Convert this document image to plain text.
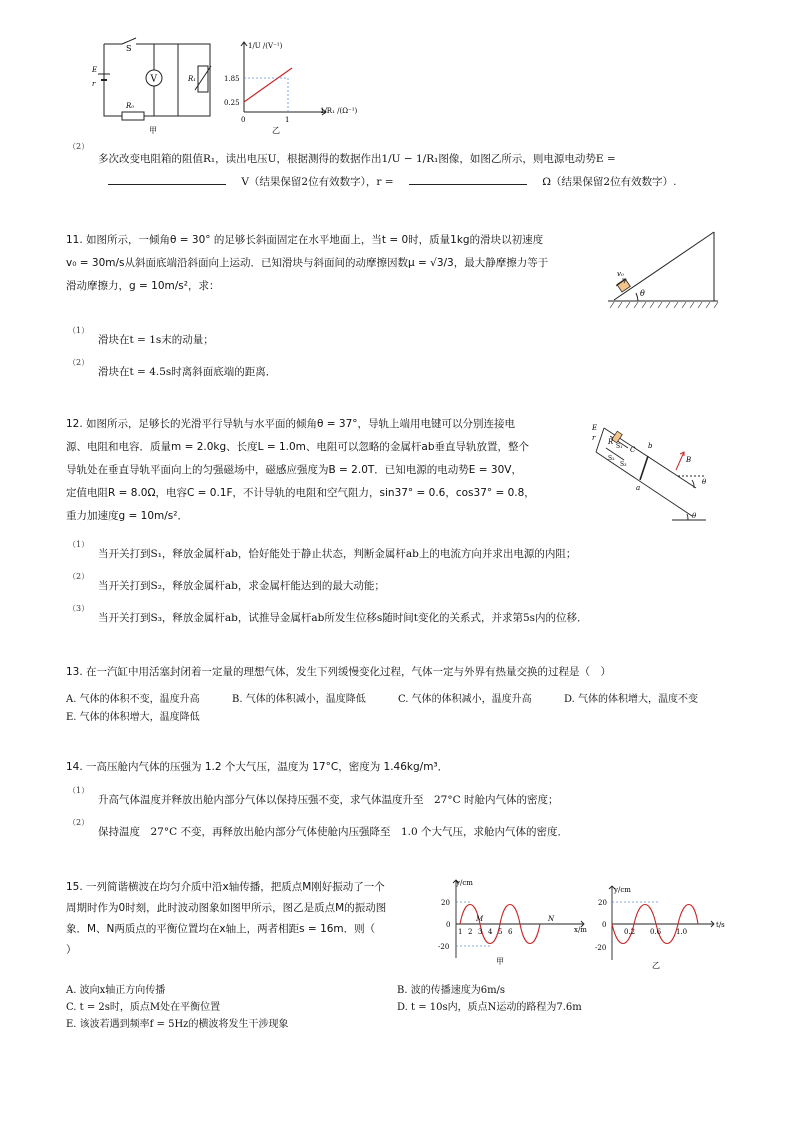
V
S
E
r
R₁
R₀
甲
1/U /(V⁻¹)
1/R₁ /(Ω⁻¹)
1.85
0.25
0	1
乙
（2）
多次改变电阻箱的阻值R₁，读出电压U，根据测得的数据作出1/U − 1/R₁图像，如图乙所示，则电源电动势E =
V（结果保留2位有效数字），r =	Ω（结果保留2位有效数字）.
11. 如图所示，一倾角θ = 30° 的足够长斜面固定在水平地面上，当t = 0时，质量1kg的滑块以初速度
v₀ = 30m/s从斜面底端沿斜面向上运动．已知滑块与斜面间的动摩擦因数μ = √3/3，最大静摩擦力等于
滑动摩擦力，g = 10m/s²，求：
v₀
θ
（1）
滑块在t = 1s末的动量；
（2）
滑块在t = 4.5s时离斜面底端的距离．
12. 如图所示，足够长的光滑平行导轨与水平面的倾角θ = 37°，导轨上端用电键可以分别连接电
源、电阻和电容．质量m = 2.0kg、长度L = 1.0m、电阻可以忽略的金属杆ab垂直导轨放置，整个
导轨处在垂直导轨平面向上的匀强磁场中，磁感应强度为B = 2.0T．已知电源的电动势E = 30V，
定值电阻R = 8.0Ω，电容C = 0.1F，不计导轨的电阻和空气阻力，sin37° = 0.6，cos37° = 0.8，
重力加速度g = 10m/s²．
E
r R
C
S₁
S₂
S₃
b
a
B
θ
θ
（1）
当开关打到S₁，释放金属杆ab，恰好能处于静止状态，判断金属杆ab上的电流方向并求出电源的内阻；
（2）
当开关打到S₂，释放金属杆ab，求金属杆能达到的最大动能；
（3）
当开关打到S₃，释放金属杆ab，试推导金属杆ab所发生位移s随时间t变化的关系式，并求第5s内的位移．
13. 在一汽缸中用活塞封闭着一定量的理想气体，发生下列缓慢变化过程，气体一定与外界有热量交换的过程是（　）
A. 气体的体积不变，温度升高	B. 气体的体积减小，温度降低	C. 气体的体积减小，温度升高	D. 气体的体积增大，温度不变
E. 气体的体积增大，温度降低
14. 一高压舱内气体的压强为 1.2 个大气压，温度为 17°C，密度为 1.46kg/m³．
（1）
升高气体温度并释放出舱内部分气体以保持压强不变，求气体温度升至　27°C 时舱内气体的密度；
（2）
保持温度　27°C 不变，再释放出舱内部分气体使舱内压强降至　1.0 个大气压，求舱内气体的密度．
15. 一列简谐横波在均匀介质中沿x轴传播，把质点M刚好振动了一个
周期时作为0时刻，此时波动图象如图甲所示，图乙是质点M的振动图
象．M、N两质点的平衡位置均在x轴上，两者相距s = 16m．则（
）
y/cm
x/m
20
0
-20
1 2 3 4 5 6
M	N
甲
y/cm
t/s
20
0
-20
0.2 0.6 1.0
乙
A. 波向x轴正方向传播	B. 波的传播速度为6m/s
C. t = 2s时，质点M处在平衡位置	D. t = 10s内，质点N运动的路程为7.6m
E. 该波若遇到频率f = 5Hz的横波将发生干涉现象
